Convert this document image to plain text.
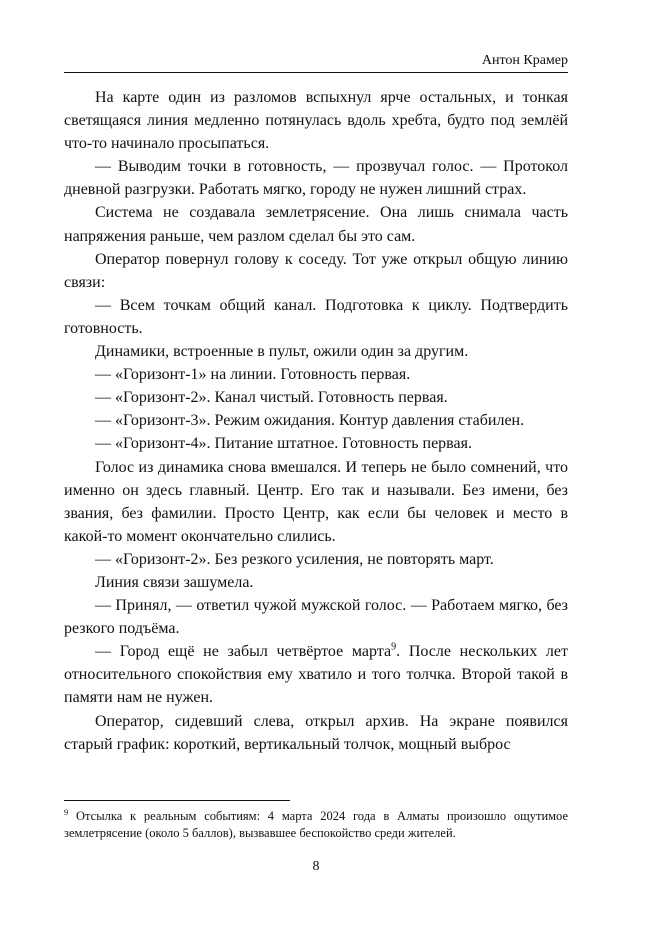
Антон Крамер

На карте один из разломов вспыхнул ярче остальных, и тонкая светящаяся линия медленно потянулась вдоль хребта, будто под землёй что-то начинало просыпаться.

— Выводим точки в готовность, — прозвучал голос. — Протокол дневной разгрузки. Работать мягко, городу не нужен лишний страх.

Система не создавала землетрясение. Она лишь снимала часть напряжения раньше, чем разлом сделал бы это сам.

Оператор повернул голову к соседу. Тот уже открыл общую линию связи:

— Всем точкам общий канал. Подготовка к циклу. Подтвердить готовность.

Динамики, встроенные в пульт, ожили один за другим.

— «Горизонт-1» на линии. Готовность первая.

— «Горизонт-2». Канал чистый. Готовность первая.

— «Горизонт-3». Режим ожидания. Контур давления стабилен.

— «Горизонт-4». Питание штатное. Готовность первая.

Голос из динамика снова вмешался. И теперь не было сомнений, что именно он здесь главный. Центр. Его так и называли. Без имени, без звания, без фамилии. Просто Центр, как если бы человек и место в какой-то момент окончательно слились.

— «Горизонт-2». Без резкого усиления, не повторять март.

Линия связи зашумела.

— Принял, — ответил чужой мужской голос. — Работаем мягко, без резкого подъёма.

— Город ещё не забыл четвёртое марта$^9$. После нескольких лет относительного спокойствия ему хватило и того толчка. Второй такой в памяти нам не нужен.

Оператор, сидевший слева, открыл архив. На экране появился старый график: короткий, вертикальный толчок, мощный выброс

$^9$ Отсылка к реальным событиям: 4 марта 2024 года в Алматы произошло ощутимое землетрясение (около 5 баллов), вызвавшее беспокойство среди жителей.

8
